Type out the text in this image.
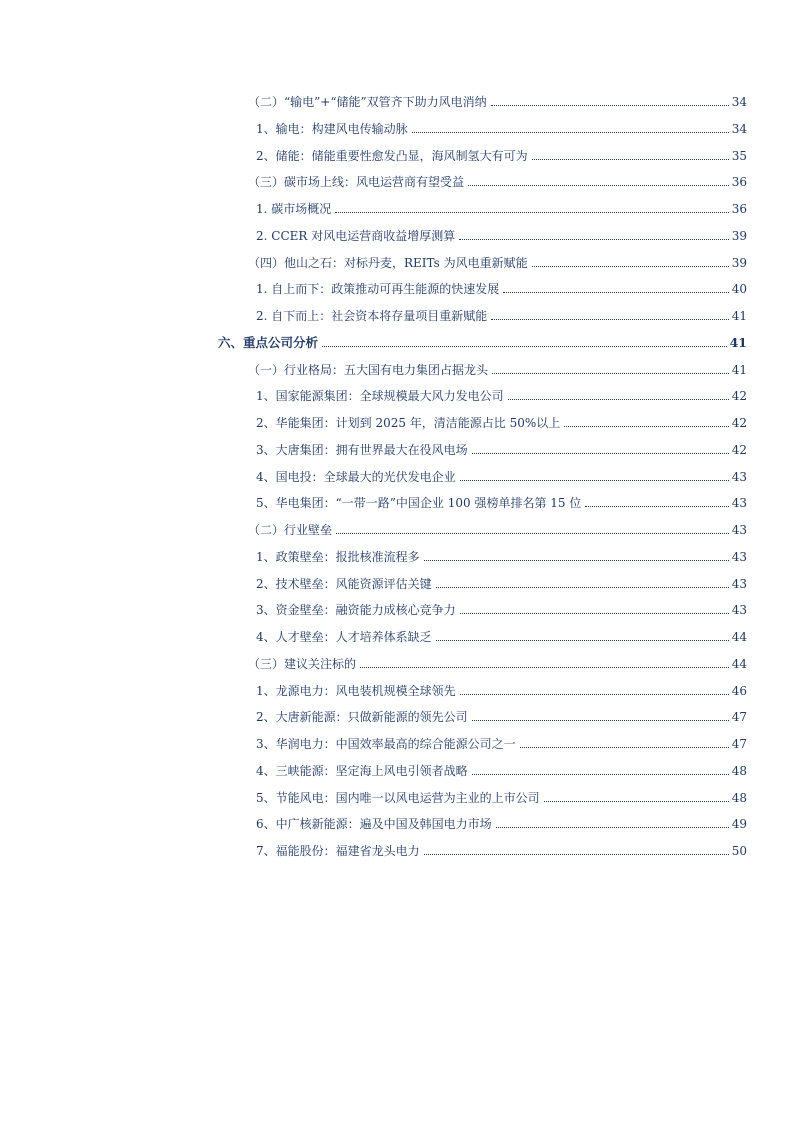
（二）“输电”+“储能”双管齐下助力风电消纳	34
1、输电：构建风电传输动脉	34
2、储能：储能重要性愈发凸显，海风制氢大有可为	35
（三）碳市场上线：风电运营商有望受益	36
1. 碳市场概况	36
2. CCER 对风电运营商收益增厚测算	39
（四）他山之石：对标丹麦，REITs 为风电重新赋能	39
1. 自上而下：政策推动可再生能源的快速发展	40
2. 自下而上：社会资本将存量项目重新赋能	41
六、重点公司分析	41
（一）行业格局：五大国有电力集团占据龙头	41
1、国家能源集团：全球规模最大风力发电公司	42
2、华能集团：计划到 2025 年，清洁能源占比 50%以上	42
3、大唐集团：拥有世界最大在役风电场	42
4、国电投：全球最大的光伏发电企业	43
5、华电集团：“一带一路”中国企业 100 强榜单排名第 15 位	43
（二）行业壁垒	43
1、政策壁垒：报批核准流程多	43
2、技术壁垒：风能资源评估关键	43
3、资金壁垒：融资能力成核心竞争力	43
4、人才壁垒：人才培养体系缺乏	44
（三）建议关注标的	44
1、龙源电力：风电装机规模全球领先	46
2、大唐新能源：只做新能源的领先公司	47
3、华润电力：中国效率最高的综合能源公司之一	47
4、三峡能源：坚定海上风电引领者战略	48
5、节能风电：国内唯一以风电运营为主业的上市公司	48
6、中广核新能源：遍及中国及韩国电力市场	49
7、福能股份：福建省龙头电力	50
